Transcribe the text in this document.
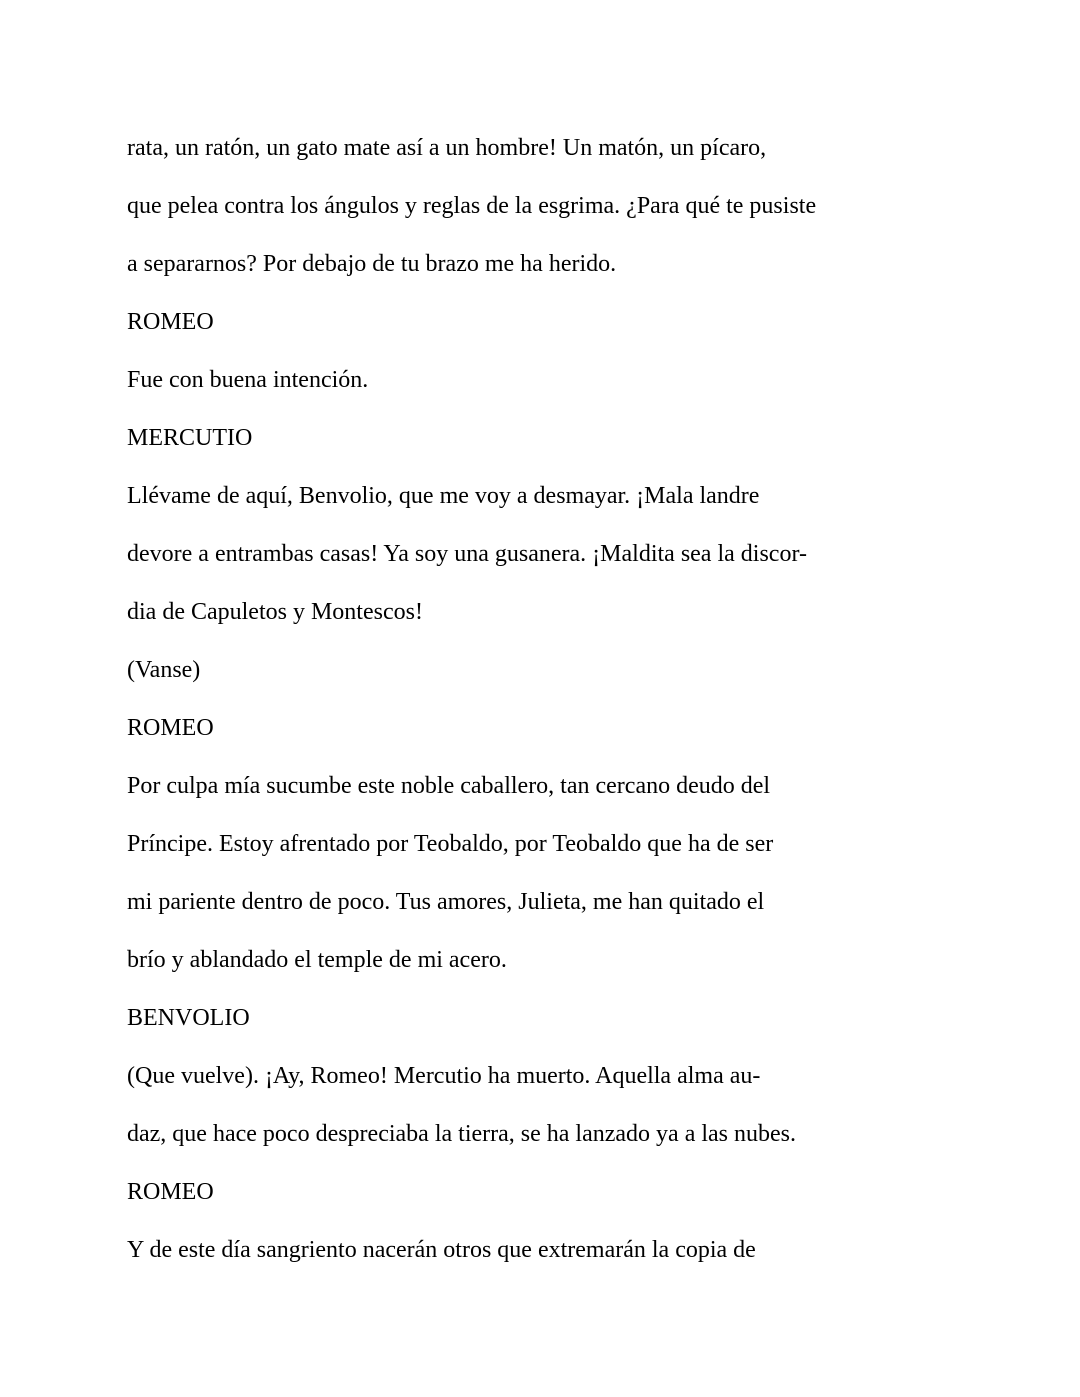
rata, un ratón, un gato mate así a un hombre! Un matón, un pícaro,
que pelea contra los ángulos y reglas de la esgrima. ¿Para qué te pusiste
a separarnos? Por debajo de tu brazo me ha herido.
ROMEO
Fue con buena intención.
MERCUTIO
Llévame de aquí, Benvolio, que me voy a desmayar. ¡Mala landre
devore a entrambas casas! Ya soy una gusanera. ¡Maldita sea la discor-
dia de Capuletos y Montescos!
(Vanse)
ROMEO
Por culpa mía sucumbe este noble caballero, tan cercano deudo del
Príncipe. Estoy afrentado por Teobaldo, por Teobaldo que ha de ser
mi pariente dentro de poco. Tus amores, Julieta, me han quitado el
brío y ablandado el temple de mi acero.
BENVOLIO
(Que vuelve). ¡Ay, Romeo! Mercutio ha muerto. Aquella alma au-
daz, que hace poco despreciaba la tierra, se ha lanzado ya a las nubes.
ROMEO
Y de este día sangriento nacerán otros que extremarán la copia de
